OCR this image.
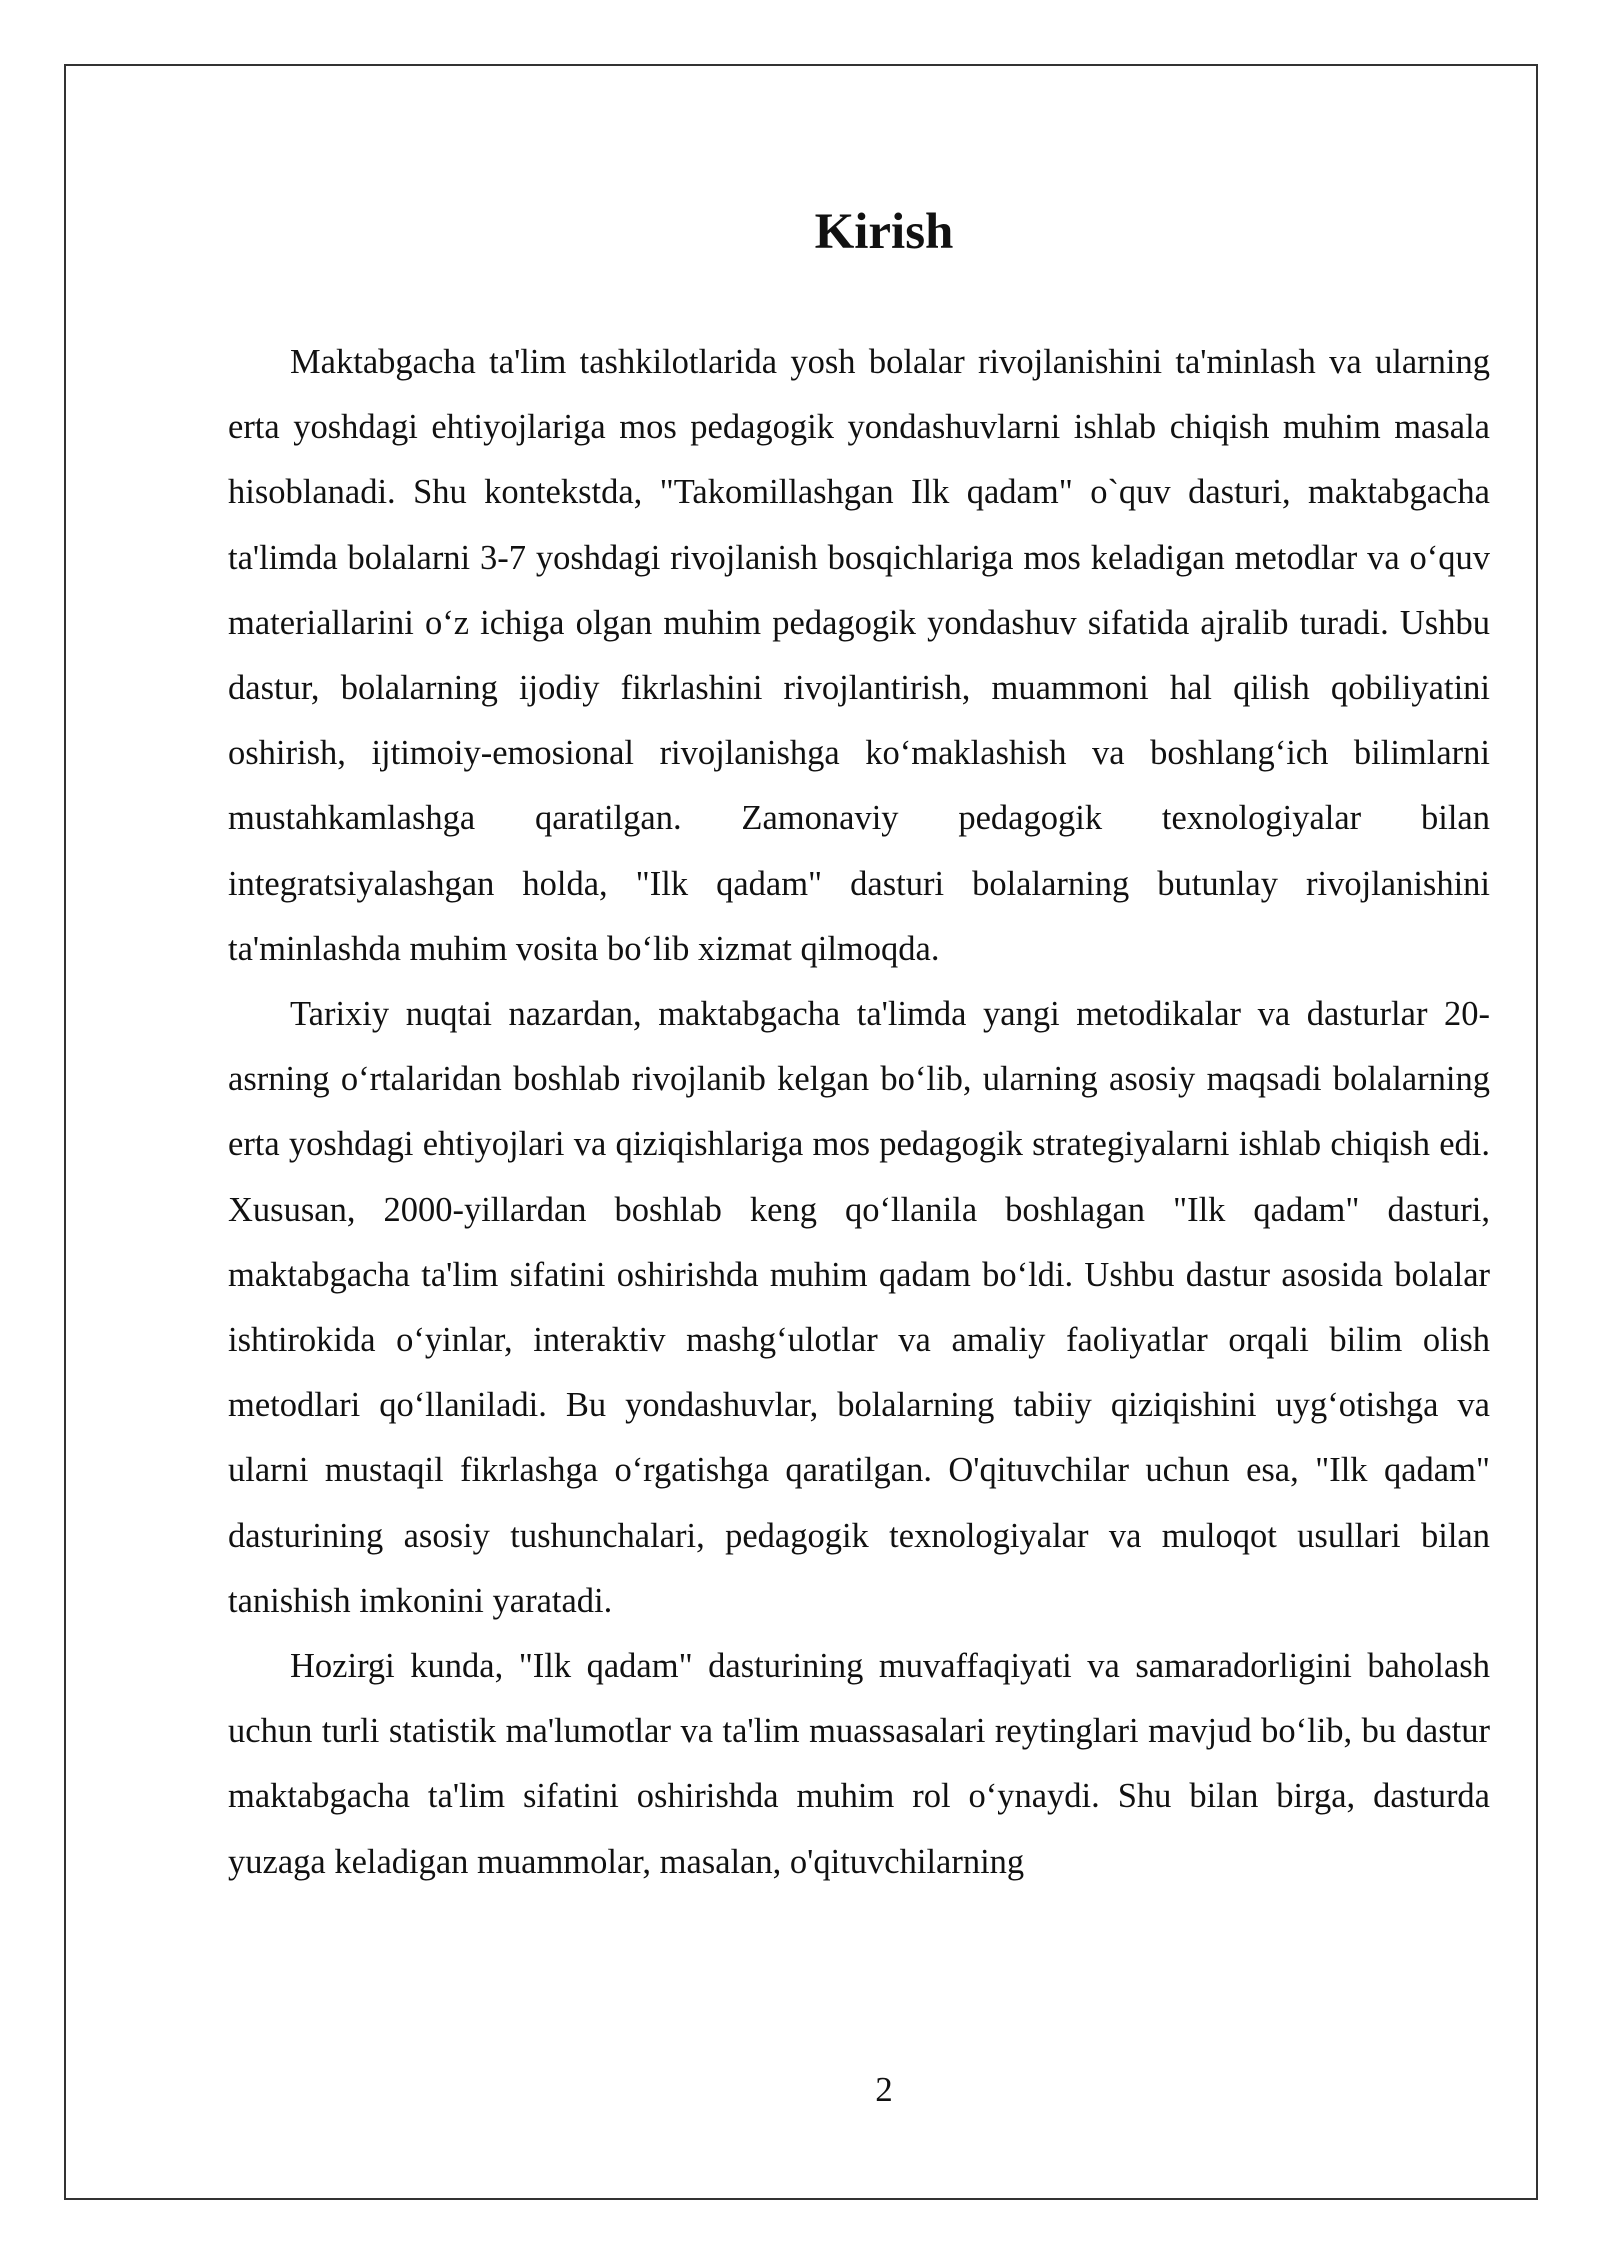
Kirish

Maktabgacha ta'lim tashkilotlarida yosh bolalar rivojlanishini ta'minlash va ularning erta yoshdagi ehtiyojlariga mos pedagogik yondashuvlarni ishlab chiqish muhim masala hisoblanadi. Shu kontekstda, "Takomillashgan Ilk qadam" o`quv dasturi, maktabgacha ta'limda bolalarni 3-7 yoshdagi rivojlanish bosqichlariga mos keladigan metodlar va o‘quv materiallarini o‘z ichiga olgan muhim pedagogik yondashuv sifatida ajralib turadi. Ushbu dastur, bolalarning ijodiy fikrlashini rivojlantirish, muammoni hal qilish qobiliyatini oshirish, ijtimoiy-emosional rivojlanishga ko‘maklashish va boshlang‘ich bilimlarni mustahkamlashga qaratilgan. Zamonaviy pedagogik texnologiyalar bilan integratsiyalashgan holda, "Ilk qadam" dasturi bolalarning butunlay rivojlanishini ta'minlashda muhim vosita bo‘lib xizmat qilmoqda.

Tarixiy nuqtai nazardan, maktabgacha ta'limda yangi metodikalar va dasturlar 20-asrning o‘rtalaridan boshlab rivojlanib kelgan bo‘lib, ularning asosiy maqsadi bolalarning erta yoshdagi ehtiyojlari va qiziqishlariga mos pedagogik strategiyalarni ishlab chiqish edi. Xususan, 2000-yillardan boshlab keng qo‘llanila boshlagan "Ilk qadam" dasturi, maktabgacha ta'lim sifatini oshirishda muhim qadam bo‘ldi. Ushbu dastur asosida bolalar ishtirokida o‘yinlar, interaktiv mashg‘ulotlar va amaliy faoliyatlar orqali bilim olish metodlari qo‘llaniladi. Bu yondashuvlar, bolalarning tabiiy qiziqishini uyg‘otishga va ularni mustaqil fikrlashga o‘rgatishga qaratilgan. O'qituvchilar uchun esa, "Ilk qadam" dasturining asosiy tushunchalari, pedagogik texnologiyalar va muloqot usullari bilan tanishish imkonini yaratadi.

Hozirgi kunda, "Ilk qadam" dasturining muvaffaqiyati va samaradorligini baholash uchun turli statistik ma'lumotlar va ta'lim muassasalari reytinglari mavjud bo‘lib, bu dastur maktabgacha ta'lim sifatini oshirishda muhim rol o‘ynaydi. Shu bilan birga, dasturda yuzaga keladigan muammolar, masalan, o'qituvchilarning

2
